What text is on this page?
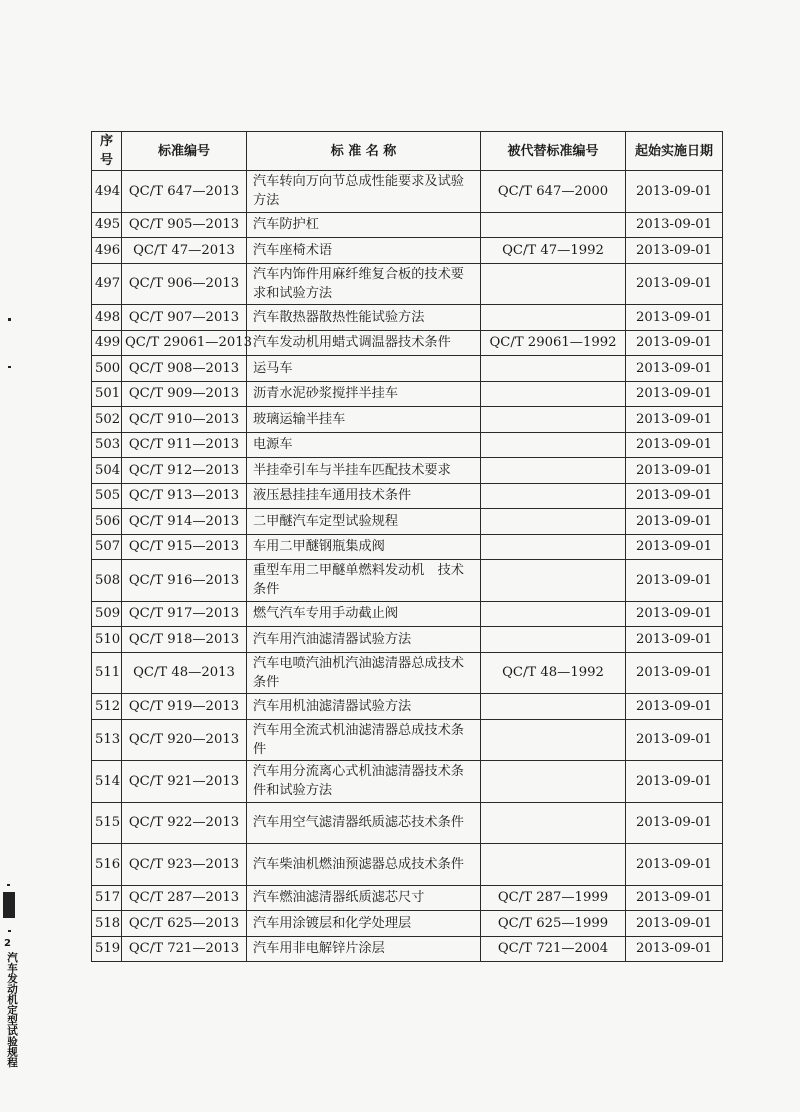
序号	标准编号	标 准 名 称	被代替标准编号	起始实施日期
494	QC/T 647—2013	汽车转向万向节总成性能要求及试验方法	QC/T 647—2000	2013-09-01
495	QC/T 905—2013	汽车防护杠		2013-09-01
496	QC/T 47—2013	汽车座椅术语	QC/T 47—1992	2013-09-01
497	QC/T 906—2013	汽车内饰件用麻纤维复合板的技术要求和试验方法		2013-09-01
498	QC/T 907—2013	汽车散热器散热性能试验方法		2013-09-01
499	QC/T 29061—2013	汽车发动机用蜡式调温器技术条件	QC/T 29061—1992	2013-09-01
500	QC/T 908—2013	运马车		2013-09-01
501	QC/T 909—2013	沥青水泥砂浆搅拌半挂车		2013-09-01
502	QC/T 910—2013	玻璃运输半挂车		2013-09-01
503	QC/T 911—2013	电源车		2013-09-01
504	QC/T 912—2013	半挂牵引车与半挂车匹配技术要求		2013-09-01
505	QC/T 913—2013	液压悬挂挂车通用技术条件		2013-09-01
506	QC/T 914—2013	二甲醚汽车定型试验规程		2013-09-01
507	QC/T 915—2013	车用二甲醚钢瓶集成阀		2013-09-01
508	QC/T 916—2013	重型车用二甲醚单燃料发动机　技术条件		2013-09-01
509	QC/T 917—2013	燃气汽车专用手动截止阀		2013-09-01
510	QC/T 918—2013	汽车用汽油滤清器试验方法		2013-09-01
511	QC/T 48—2013	汽车电喷汽油机汽油滤清器总成技术条件	QC/T 48—1992	2013-09-01
512	QC/T 919—2013	汽车用机油滤清器试验方法		2013-09-01
513	QC/T 920—2013	汽车用全流式机油滤清器总成技术条件		2013-09-01
514	QC/T 921—2013	汽车用分流离心式机油滤清器技术条件和试验方法		2013-09-01
515	QC/T 922—2013	汽车用空气滤清器纸质滤芯技术条件		2013-09-01
516	QC/T 923—2013	汽车柴油机燃油预滤器总成技术条件		2013-09-01
517	QC/T 287—2013	汽车燃油滤清器纸质滤芯尺寸	QC/T 287—1999	2013-09-01
518	QC/T 625—2013	汽车用涂镀层和化学处理层	QC/T 625—1999	2013-09-01
519	QC/T 721—2013	汽车用非电解锌片涂层	QC/T 721—2004	2013-09-01
2
汽车发动机定型试验规程
